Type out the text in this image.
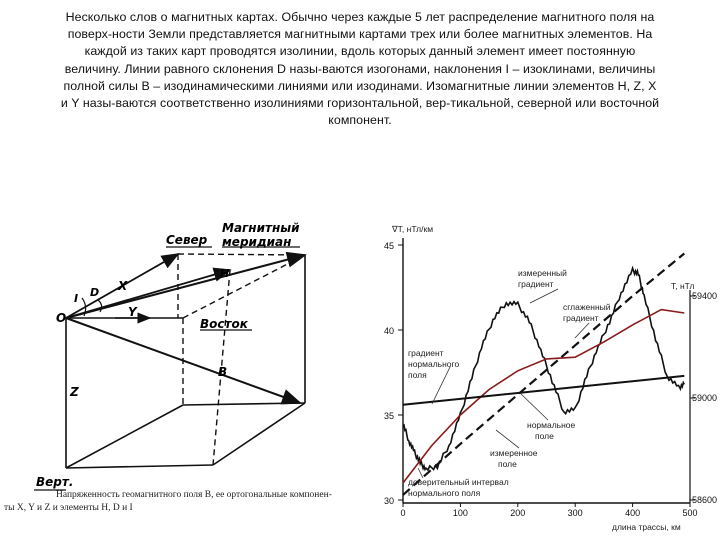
Несколько слов о магнитных картах. Обычно через каждые 5 лет распределение магнитного поля на
поверх-ности Земли представляется магнитными картами трех или более магнитных элементов. На
каждой из таких карт проводятся изолинии, вдоль которых данный элемент имеет постоянную
величину. Линии равного склонения D назы-ваются изогонами, наклонения I – изоклинами, величины
полной силы B – изодинамическими линиями или изодинами. Изомагнитные линии элементов H, Z, X
и Y назы-ваются соответственно изолиниями горизонтальной, вер-тикальной, северной или восточной
компонент.
Север
Магнитный
меридиан
Восток
Верт.
O
X
Y
Z
H
B
D
I
Напряженность геомагнитного поля B, ее ортогональные компонен-
ты X, Y и Z и элементы H, D и I
45
40
35
30
59400
59000
58600
0	100	200	300	400	500
∇T, нТл/км
T, нТл
длина трассы, км
измеренный
градиент
сглаженный
градиент
градиент
нормального
поля
нормальное
поле
измеренное
поле
доверительный интервал
нормального поля
